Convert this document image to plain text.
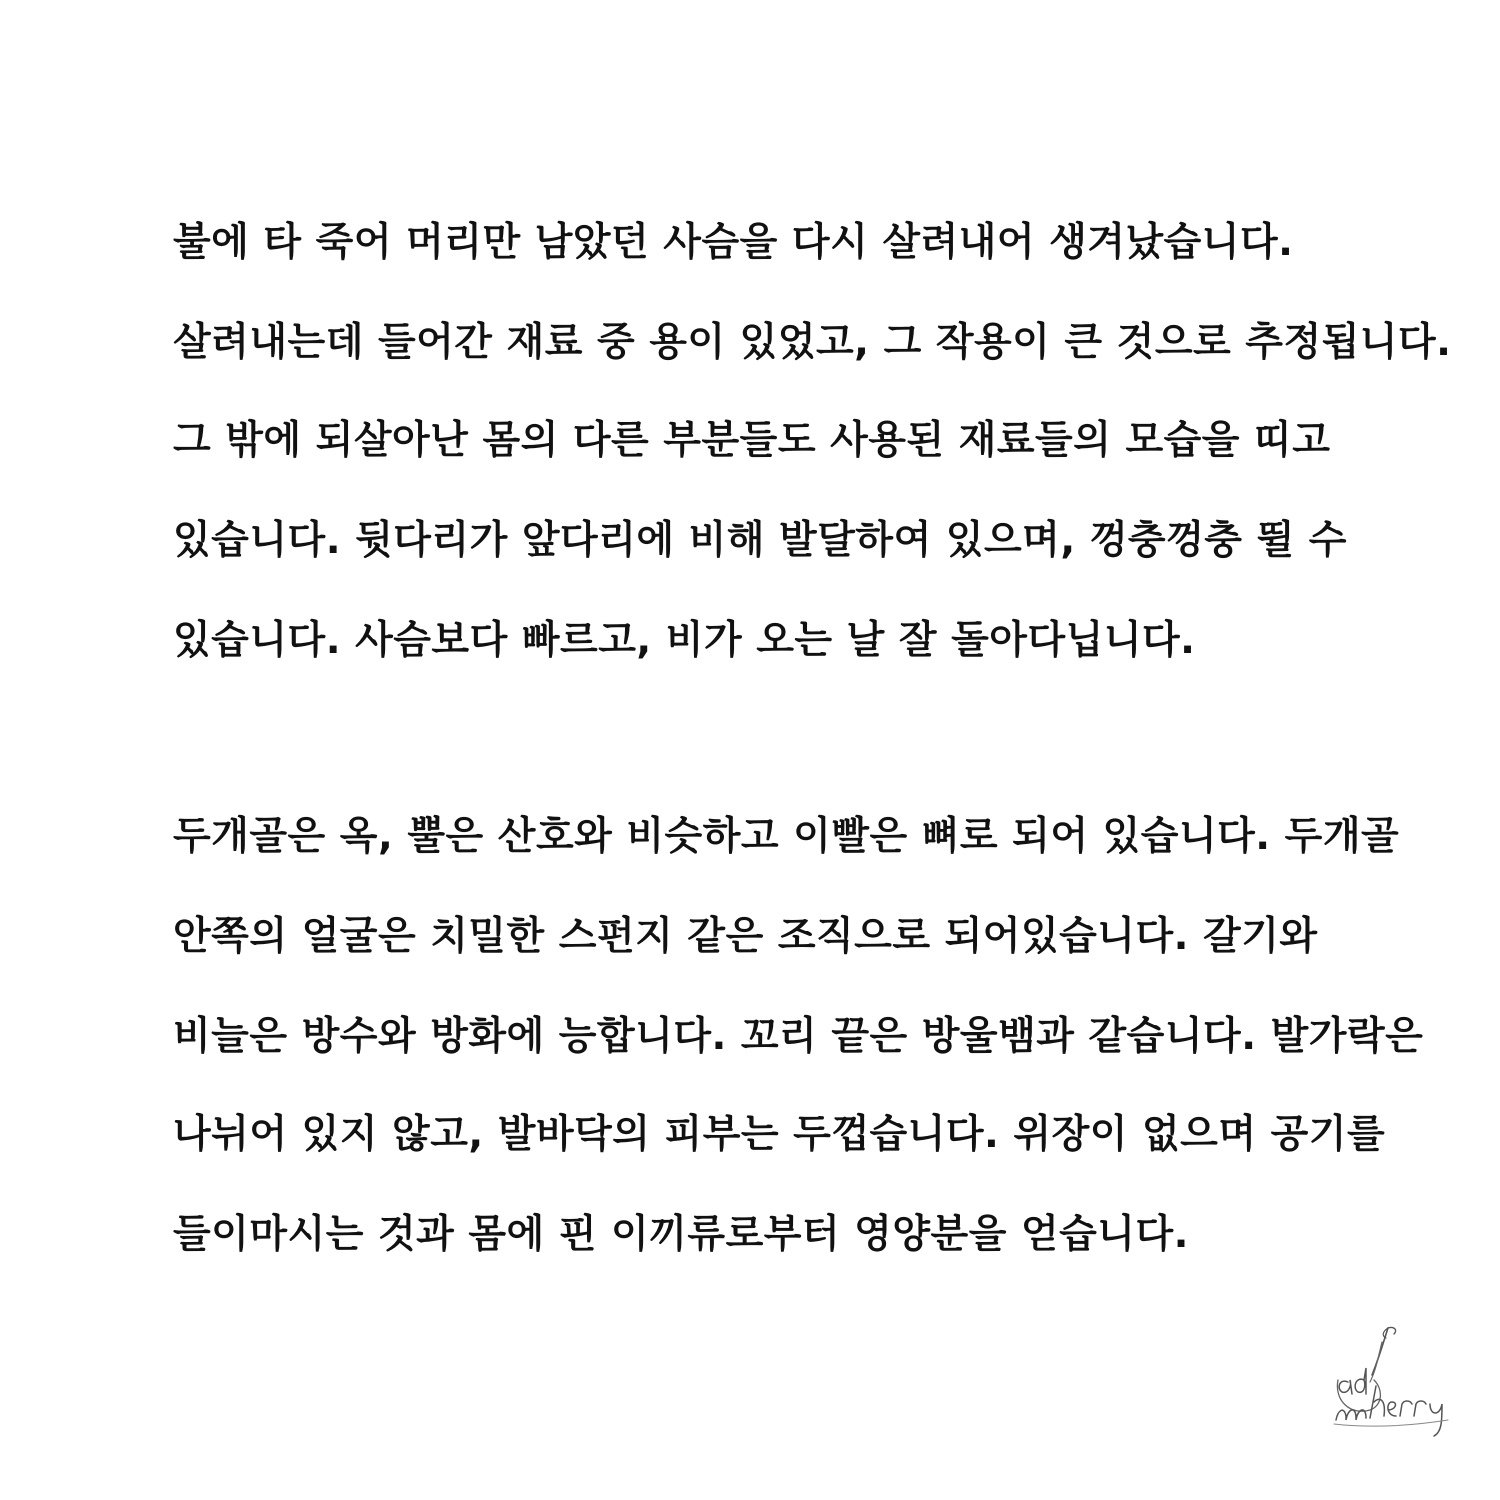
불에 타 죽어 머리만 남았던 사슴을 다시 살려내어 생겨났습니다.
살려내는데 들어간 재료 중 용이 있었고, 그 작용이 큰 것으로 추정됩니다.
그 밖에 되살아난 몸의 다른 부분들도 사용된 재료들의 모습을 띠고
있습니다. 뒷다리가 앞다리에 비해 발달하여 있으며, 껑충껑충 뛸 수
있습니다. 사슴보다 빠르고, 비가 오는 날 잘 돌아다닙니다.
두개골은 옥, 뿔은 산호와 비슷하고 이빨은 뼈로 되어 있습니다. 두개골
안쪽의 얼굴은 치밀한 스펀지 같은 조직으로 되어있습니다. 갈기와
비늘은 방수와 방화에 능합니다. 꼬리 끝은 방울뱀과 같습니다. 발가락은
나뉘어 있지 않고, 발바닥의 피부는 두껍습니다. 위장이 없으며 공기를
들이마시는 것과 몸에 핀 이끼류로부터 영양분을 얻습니다.
